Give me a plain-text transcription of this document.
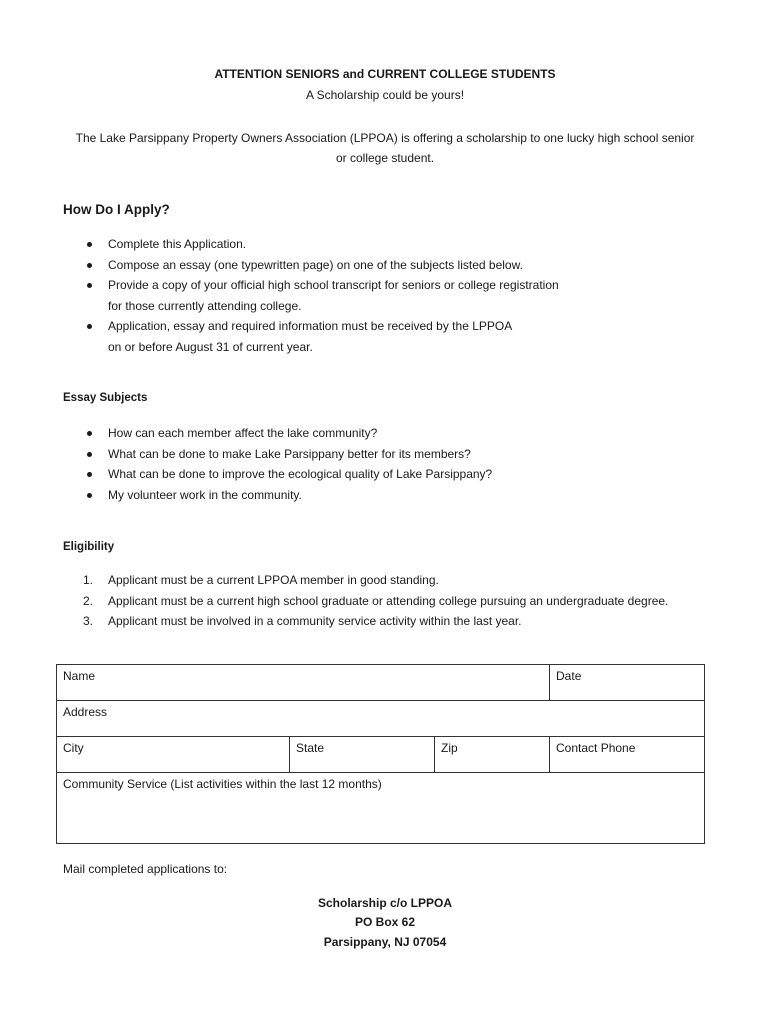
ATTENTION SENIORS and CURRENT COLLEGE STUDENTS
A Scholarship could be yours!
The Lake Parsippany Property Owners Association (LPPOA) is offering a scholarship to one lucky high school senior
or college student.
How Do I Apply?
Complete this Application.
Compose an essay (one typewritten page) on one of the subjects listed below.
Provide a copy of your official high school transcript for seniors or college registration
for those currently attending college.
Application, essay and required information must be received by the LPPOA
on or before August 31 of current year.
Essay Subjects
How can each member affect the lake community?
What can be done to make Lake Parsippany better for its members?
What can be done to improve the ecological quality of Lake Parsippany?
My volunteer work in the community.
Eligibility
1. Applicant must be a current LPPOA member in good standing.
2. Applicant must be a current high school graduate or attending college pursuing an undergraduate degree.
3. Applicant must be involved in a community service activity within the last year.
Name			Date
Address			
City	State	Zip	Contact Phone
Community Service (List activities within the last 12 months)			
Mail completed applications to:
Scholarship c/o LPPOA
PO Box 62
Parsippany, NJ 07054
